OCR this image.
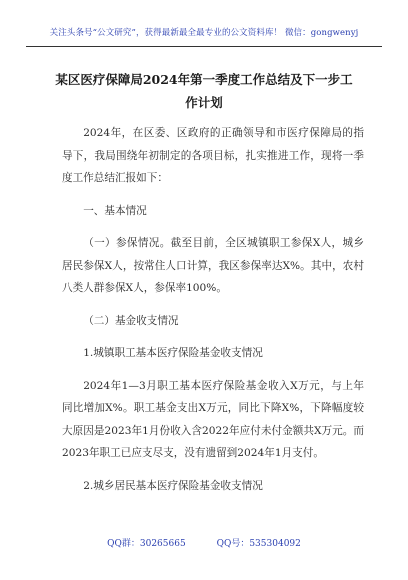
关注头条号“公文研究”，获得最新最全最专业的公文资料库！ 微信：gongwenyj
某区医疗保障局2024年第一季度工作总结及下一步工作计划

2024年，在区委、区政府的正确领导和市医疗保障局的指导下，我局围绕年初制定的各项目标，扎实推进工作，现将一季度工作总结汇报如下：

一、基本情况

（一）参保情况。截至目前，全区城镇职工参保X人，城乡居民参保X人，按常住人口计算，我区参保率达X%。其中，农村八类人群参保X人，参保率100%。

（二）基金收支情况

1.城镇职工基本医疗保险基金收支情况

2024年1—3月职工基本医疗保险基金收入X万元，与上年同比增加X%。职工基金支出X万元，同比下降X%，下降幅度较大原因是2023年1月份收入含2022年应付未付金额共X万元。而2023年职工已应支尽支，没有遗留到2024年1月支付。

2.城乡居民基本医疗保险基金收支情况

QQ群：30265665	QQ号：535304092
